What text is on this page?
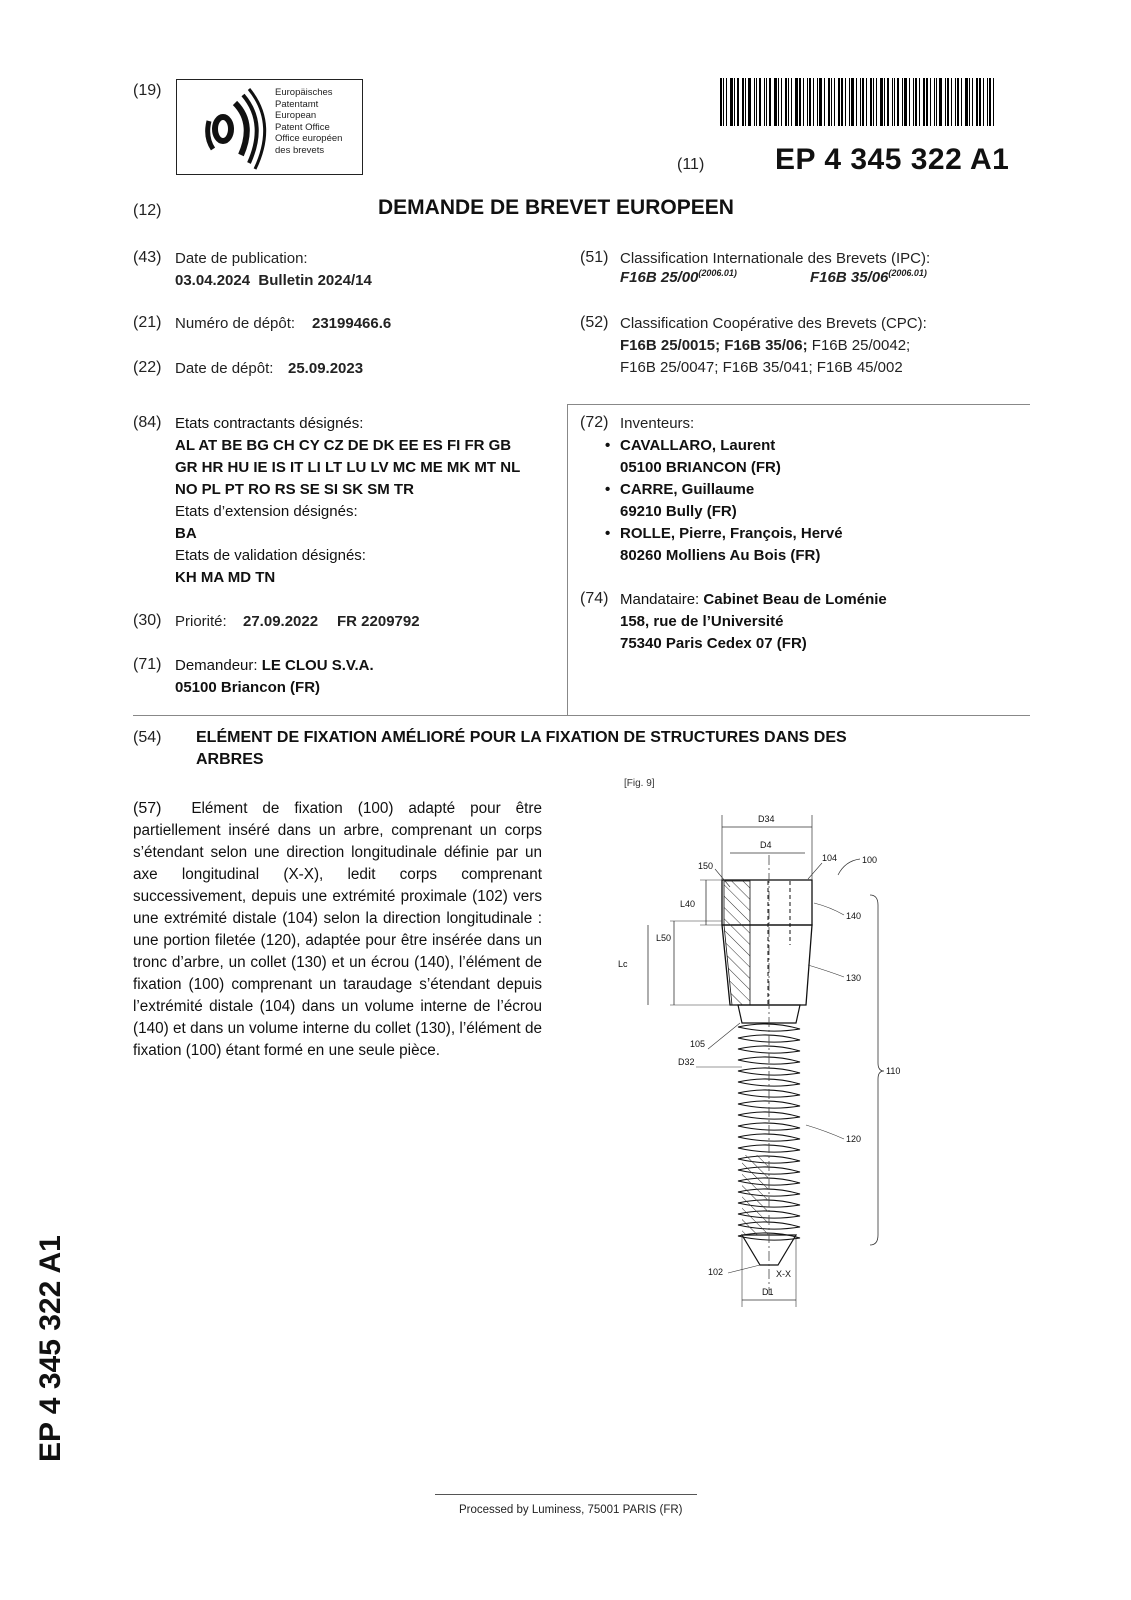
(19)	Europäisches
Patentamt
European
Patent Office
Office européen
des brevets
(11) EP 4 345 322 A1
(12)	DEMANDE DE BREVET EUROPEEN
(43) Date de publication:
03.04.2024  Bulletin 2024/14
(21) Numéro de dépôt: 23199466.6
(22) Date de dépôt: 25.09.2023
(51) Classification Internationale des Brevets (IPC):
F16B $25/00^{(2006.01)}$	F16B $35/06^{(2006.01)}$
(52) Classification Coopérative des Brevets (CPC):
F16B 25/0015; F16B 35/06; F16B 25/0042;
F16B 25/0047; F16B 35/041; F16B 45/002
(84) Etats contractants désignés:
AL AT BE BG CH CY CZ DE DK EE ES FI FR GB
GR HR HU IE IS IT LI LT LU LV MC ME MK MT NL
NO PL PT RO RS SE SI SK SM TR
Etats d’extension désignés:
BA
Etats de validation désignés:
KH MA MD TN
(30) Priorité: 27.09.2022 FR 2209792
(71) Demandeur: LE CLOU S.V.A.
05100 Briancon (FR)
(72) Inventeurs:
• CAVALLARO, Laurent
05100 BRIANCON (FR)
• CARRE, Guillaume
69210 Bully (FR)
• ROLLE, Pierre, François, Hervé
80260 Molliens Au Bois (FR)
(74) Mandataire: Cabinet Beau de Loménie
158, rue de l’Université
75340 Paris Cedex 07 (FR)
(54) ELÉMENT DE FIXATION AMÉLIORÉ POUR LA FIXATION DE STRUCTURES DANS DES
ARBRES
(57) Elément de fixation (100) adapté pour être partiellement inséré dans un arbre, comprenant un corps s’étendant selon une direction longitudinale définie par un axe longitudinal (X-X), ledit corps comprenant successivement, depuis une extrémité proximale (102) vers une extrémité distale (104) selon la direction longitudinale : une portion filetée (120), adaptée pour être insérée dans un tronc d’arbre, un collet (130) et un écrou (140), l’élément de fixation (100) comprenant un taraudage s’étendant depuis l’extrémité distale (104) dans un volume interne de l’écrou (140) et dans un volume interne du collet (130), l’élément de fixation (100) étant formé en une seule pièce.
[Fig. 9]
D34
D4
150
104	100
L40
140
L50
Lc
130
105
D32
110
120
102	X-X
D1
EP 4 345 322 A1
Processed by Luminess, 75001 PARIS (FR)
